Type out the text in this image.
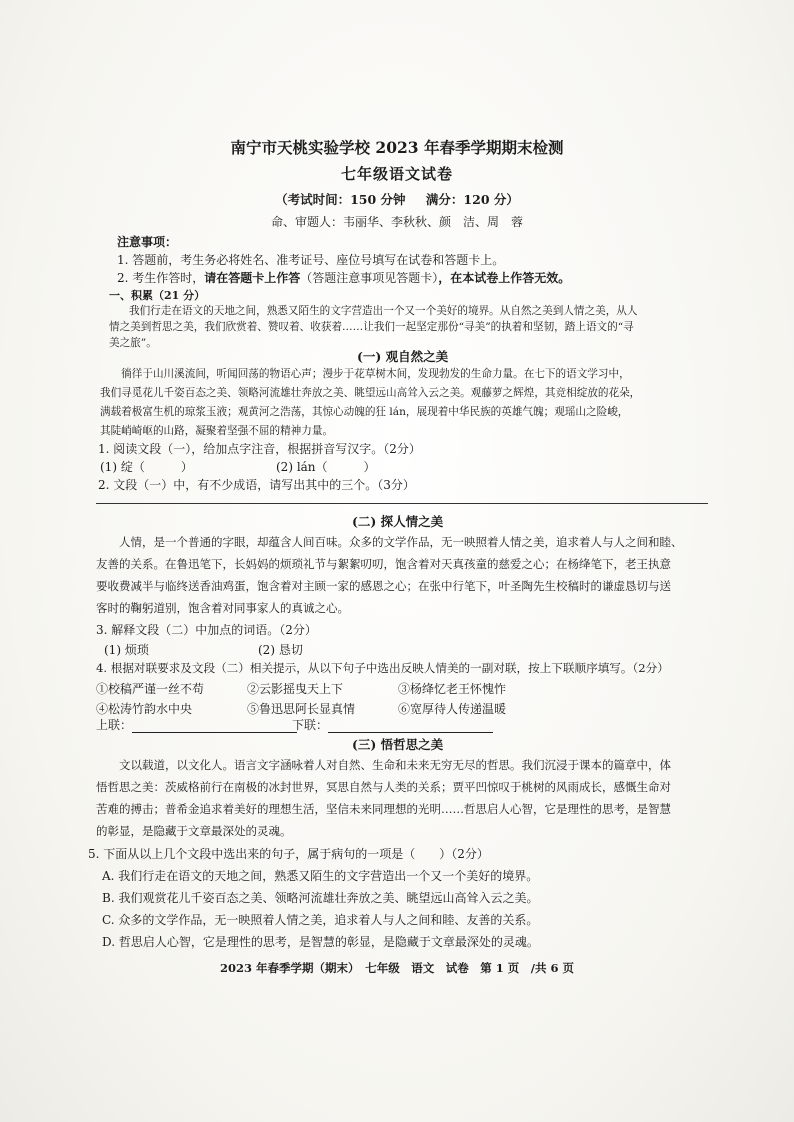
南宁市天桃实验学校 2023 年春季学期期末检测
七年级语文试卷
（考试时间：150 分钟 满分：120 分）
命、审题人：韦丽华、李秋秋、颜　洁、周　蓉
注意事项：
1. 答题前，考生务必将姓名、准考证号、座位号填写在试卷和答题卡上。
2. 考生作答时，请在答题卡上作答（答题注意事项见答题卡），在本试卷上作答无效。
一、积累（21 分）
我们行走在语文的天地之间，熟悉又陌生的文字营造出一个又一个美好的境界。从自然之美到人情之美，从人
情之美到哲思之美，我们欣赏着、赞叹着、收获着……让我们一起坚定那份“寻美”的执着和坚韧，踏上语文的“寻
美之旅”。
(一) 观自然之美
　　徜徉于山川溪流间，听闻回荡的物语心声；漫步于花草树木间，发现勃发的生命力量。在七下的语文学习中，
我们寻觅花儿千姿百态之美、领略河流雄壮奔放之美、眺望远山高耸入云之美。观藤萝之辉煌，其竞相绽放的花朵，
满载着极富生机的琼浆玉液；观黄河之浩荡，其惊心动魄的狂 lán，展现着中华民族的英雄气魄；观瑶山之险峻，
其陡峭崎岖的山路，凝聚着坚强不屈的精神力量。
1. 阅读文段（一），给加点字注音，根据拼音写汉字。（2分）
(1) 绽（　　　）	(2) lán（　　　）
2. 文段（一）中，有不少成语，请写出其中的三个。（3分）
(二) 探人情之美
　　人情，是一个普通的字眼，却蕴含人间百味。众多的文学作品，无一映照着人情之美，追求着人与人之间和睦、
友善的关系。在鲁迅笔下，长妈妈的烦琐礼节与絮絮叨叨，饱含着对天真孩童的慈爱之心；在杨绛笔下，老王执意
要收费减半与临终送香油鸡蛋，饱含着对主顾一家的感恩之心；在张中行笔下，叶圣陶先生校稿时的谦虚恳切与送
客时的鞠躬道别，饱含着对同事家人的真诚之心。
3. 解释文段（二）中加点的词语。（2分）
(1) 烦琐	(2) 恳切
4. 根据对联要求及文段（二）相关提示，从以下句子中选出反映人情美的一副对联，按上下联顺序填写。（2分）
①校稿严谨一丝不苟	②云影摇曳天上下	③杨绛忆老王怀愧怍
④松涛竹韵水中央	⑤鲁迅思阿长显真情	⑥宽厚待人传递温暖
上联：	下联：
(三) 悟哲思之美
　　文以载道，以文化人。语言文字涵咏着人对自然、生命和未来无穷无尽的哲思。我们沉浸于课本的篇章中，体
悟哲思之美：茨威格前行在南极的冰封世界，冥思自然与人类的关系；贾平凹惊叹于桃树的风雨成长，感慨生命对
苦难的搏击；普希金追求着美好的理想生活，坚信未来同理想的光明……哲思启人心智，它是理性的思考，是智慧
的彰显，是隐藏于文章最深处的灵魂。
5. 下面从以上几个文段中选出来的句子，属于病句的一项是（　　）（2分）
A. 我们行走在语文的天地之间，熟悉又陌生的文字营造出一个又一个美好的境界。
B. 我们观赏花儿千姿百态之美、领略河流雄壮奔放之美、眺望远山高耸入云之美。
C. 众多的文学作品，无一映照着人情之美，追求着人与人之间和睦、友善的关系。
D. 哲思启人心智，它是理性的思考，是智慧的彰显，是隐藏于文章最深处的灵魂。
2023 年春季学期（期末）　七年级　语文　试卷　第 1 页　/共 6 页
